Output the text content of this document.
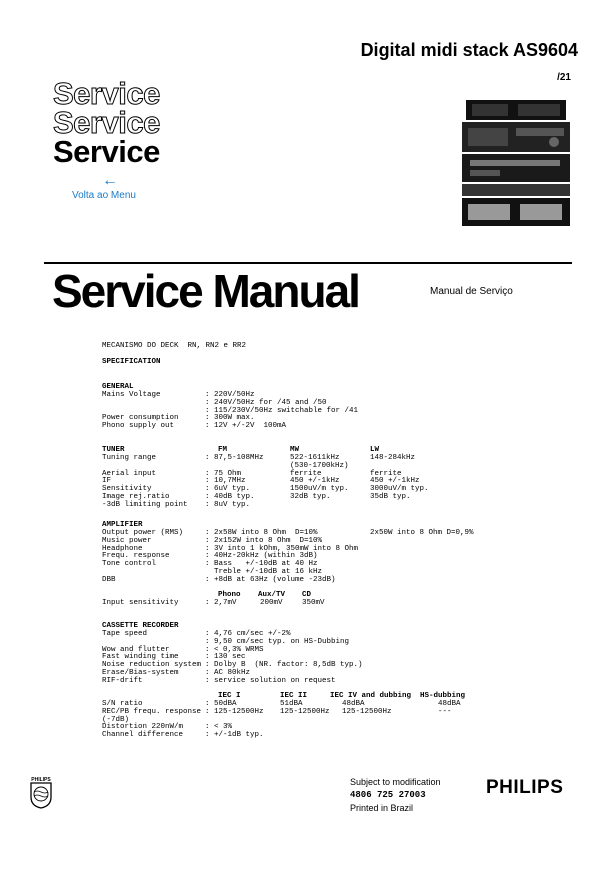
Digital midi stack AS9604
/21
Service
Service
Service
←
Volta ao Menu
Service Manual	Manual de Serviço
MECANISMO DO DECK  RN, RN2 e RR2
SPECIFICATION
GENERAL
Mains Voltage	: 220V/50Hz
: 240V/50Hz for /45 and /50
: 115/230V/50Hz switchable for /41
Power consumption	: 300W max.
Phono supply out	: 12V +/-2V  100mA
TUNER	FM	MW	LW
Tuning range	: 87,5-108MHz	522-1611kHz	148-284kHz
(530-1700kHz)
Aerial input	: 75 Ohm	ferrite	ferrite
IF	: 10,7MHz	450 +/-1kHz	450 +/-1kHz
Sensitivity	: 6uV typ.	1500uV/m typ.	3000uV/m typ.
Image rej.ratio	: 40dB typ.	32dB typ.	35dB typ.
-3dB limiting point : 8uV typ.
AMPLIFIER
Output power (RMS)	: 2x58W into 8 Ohm  D=10%	2x50W into 8 Ohm D=0,9%
Music power	: 2x152W into 8 Ohm  D=10%
Headphone	: 3V into 1 kOhm, 350mW into 8 Ohm
Frequ. response	: 40Hz-20kHz (within 3dB)
Tone control	: Bass   +/-10dB at 40 Hz
Treble +/-10dB at 16 kHz
DBB	: +8dB at 63Hz (volume -23dB)
Phono Aux/TV CD
Input sensitivity	: 2,7mV	200mV	350mV
CASSETTE RECORDER
Tape speed	: 4,76 cm/sec +/-2%
: 9,50 cm/sec typ. on HS-Dubbing
Wow and flutter	: < 0,3% WRMS
Fast winding time	: 130 sec
Noise reduction system : Dolby B  (NR. factor: 8,5dB typ.)
Erase/Bias-system	: AC 80kHz
RIF-drift	: service solution on request
IEC I	IEC II	IEC IV and dubbing HS-dubbing
S/N ratio	: 50dBA	51dBA	48dBA	48dBA
REC/PB frequ. response : 125-12500Hz 125-12500Hz 125-12500Hz	---
(-7dB)
Distortion 220nW/m	: < 3%
Channel difference	: +/-1dB typ.
PHILIPS	Subject to modification
4806 725 27003
Printed in Brazil
PHILIPS
